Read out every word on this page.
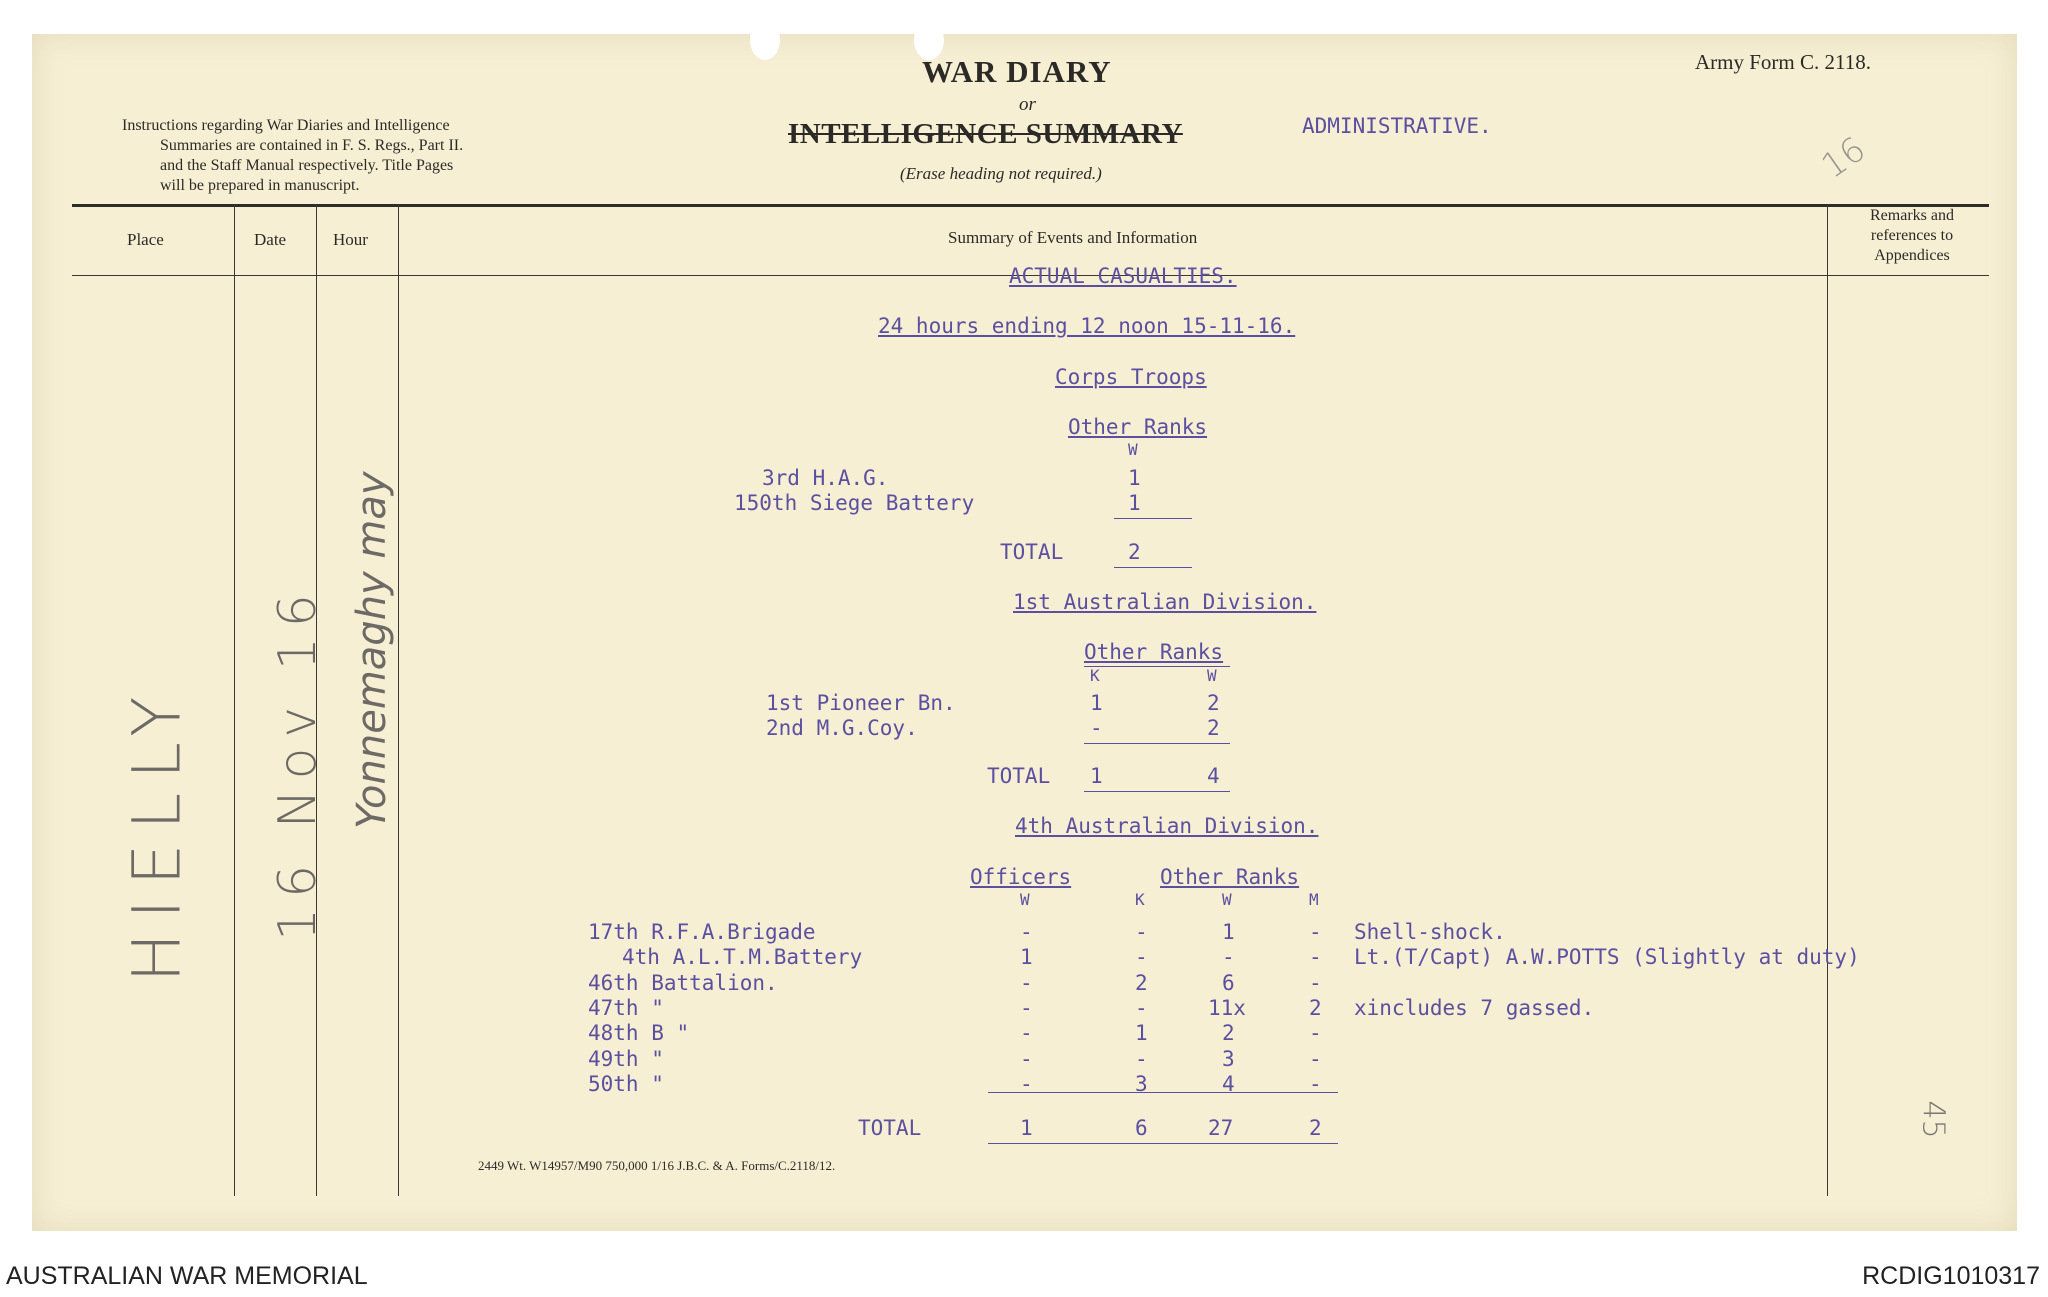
WAR DIARY
or
INTELLIGENCE SUMMARY	ADMINISTRATIVE.
(Erase heading not required.)
Army Form C. 2118.
16
Instructions regarding War Diaries and Intelligence
Summaries are contained in F. S. Regs., Part II.
and the Staff Manual respectively. Title Pages
will be prepared in manuscript.
Place	Date	Hour	Summary of Events and Information
Remarks and
references to
Appendices
HIELLY 16 Nov 16 Yonnemaghy may
ACTUAL CASUALTIES.
24 hours ending 12 noon 15-11-16.
Corps Troops
Other Ranks
W
3rd H.A.G.	1
150th Siege Battery	1
TOTAL	2
1st Australian Division.
Other Ranks
K	W
1st Pioneer Bn.	1	2
2nd M.G.Coy.	-	2
TOTAL 1	4
4th Australian Division.
Officers	Other Ranks
W	K	W	M
17th R.F.A.Brigade	-	-	1	- Shell-shock.
4th A.L.T.M.Battery	1	-	-	- Lt.(T/Capt) A.W.POTTS (Slightly at duty)
46th Battalion.	-	2	6	-
47th "	-	-	11x	2 xincludes 7 gassed.
48th B "	-	1	2	-
49th "	-	-	3	-
50th "	-	3	4	-
TOTAL	1	6	27	2
2449 Wt. W14957/M90 750,000 1/16 J.B.C. & A. Forms/C.2118/12.
45
AUSTRALIAN WAR MEMORIAL	RCDIG1010317
